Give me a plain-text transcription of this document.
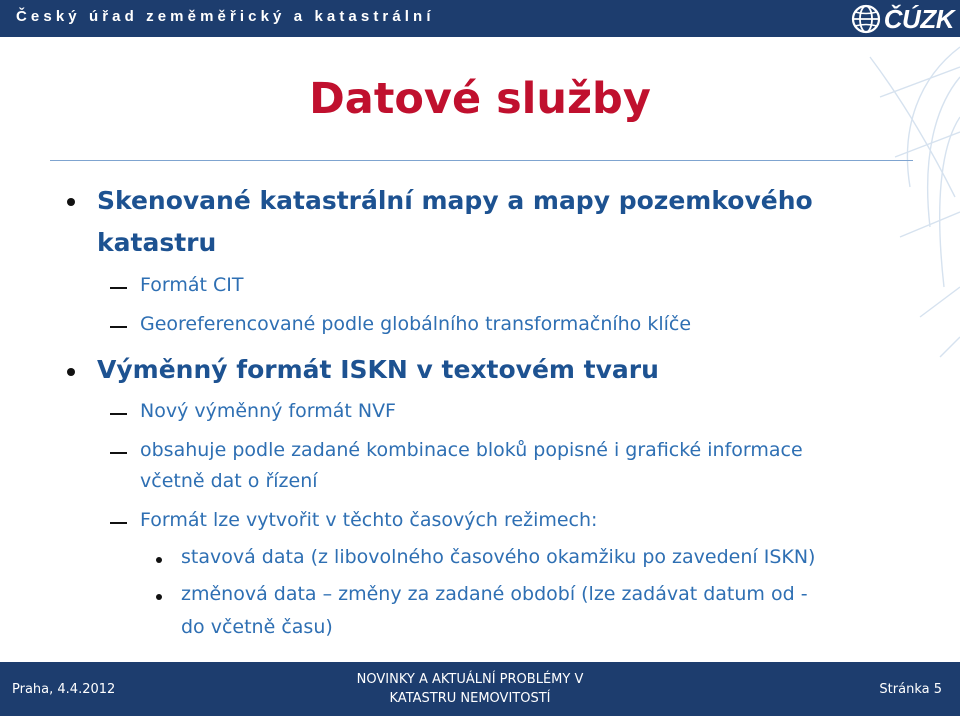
Český úřad zeměměřický a katastrální	ČÚZK
Datové služby
Skenované katastrální mapy a mapy pozemkového
katastru
Formát CIT
Georeferencované podle globálního transformačního klíče
Výměnný formát ISKN v textovém tvaru
Nový výměnný formát NVF
obsahuje podle zadané kombinace bloků popisné i grafické informace
včetně dat o řízení
Formát lze vytvořit v těchto časových režimech:
stavová data (z libovolného časového okamžiku po zavedení ISKN)
změnová data – změny za zadané období (lze zadávat datum od -
do včetně času)
Praha, 4.4.2012
NOVINKY A AKTUÁLNÍ PROBLÉMY V
KATASTRU NEMOVITOSTÍ
Stránka 5
